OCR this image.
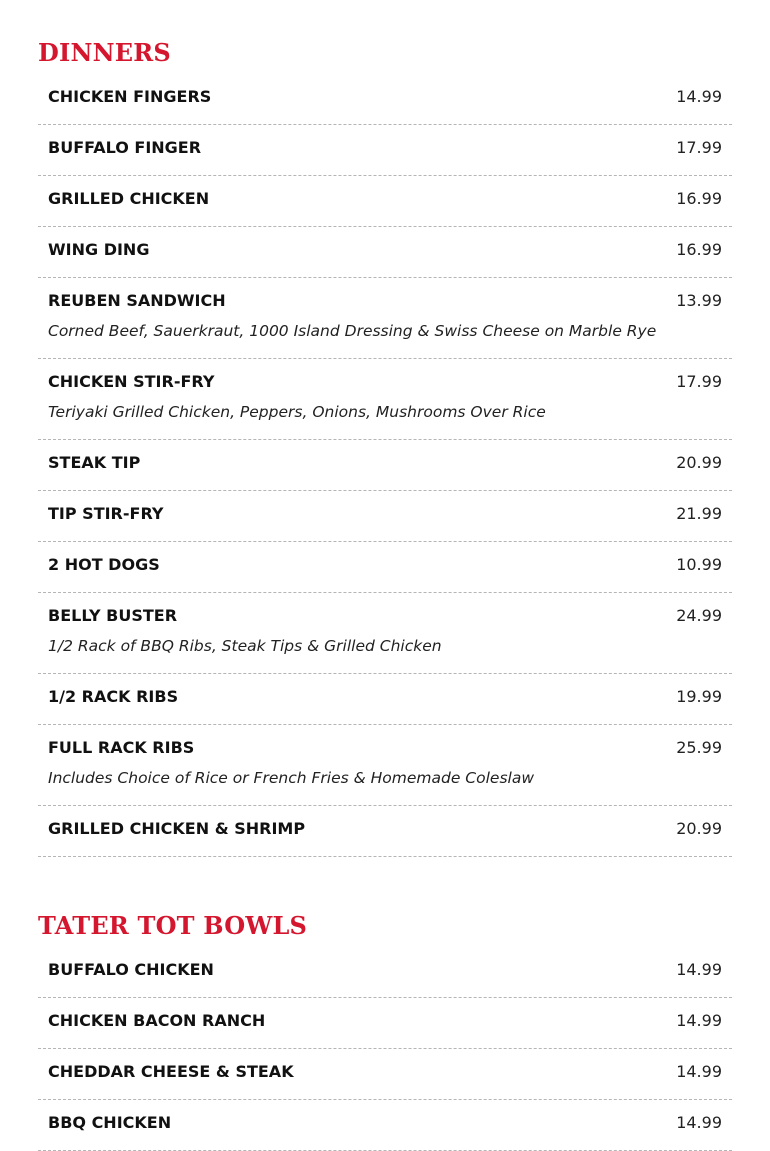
DINNERS
CHICKEN FINGERS	14.99
BUFFALO FINGER	17.99
GRILLED CHICKEN	16.99
WING DING	16.99
REUBEN SANDWICH	13.99
Corned Beef, Sauerkraut, 1000 Island Dressing & Swiss Cheese on Marble Rye
CHICKEN STIR-FRY	17.99
Teriyaki Grilled Chicken, Peppers, Onions, Mushrooms Over Rice
STEAK TIP	20.99
TIP STIR-FRY	21.99
2 HOT DOGS	10.99
BELLY BUSTER	24.99
1/2 Rack of BBQ Ribs, Steak Tips & Grilled Chicken
1/2 RACK RIBS	19.99
FULL RACK RIBS	25.99
Includes Choice of Rice or French Fries & Homemade Coleslaw
GRILLED CHICKEN & SHRIMP	20.99
TATER TOT BOWLS
BUFFALO CHICKEN	14.99
CHICKEN BACON RANCH	14.99
CHEDDAR CHEESE & STEAK	14.99
BBQ CHICKEN	14.99
